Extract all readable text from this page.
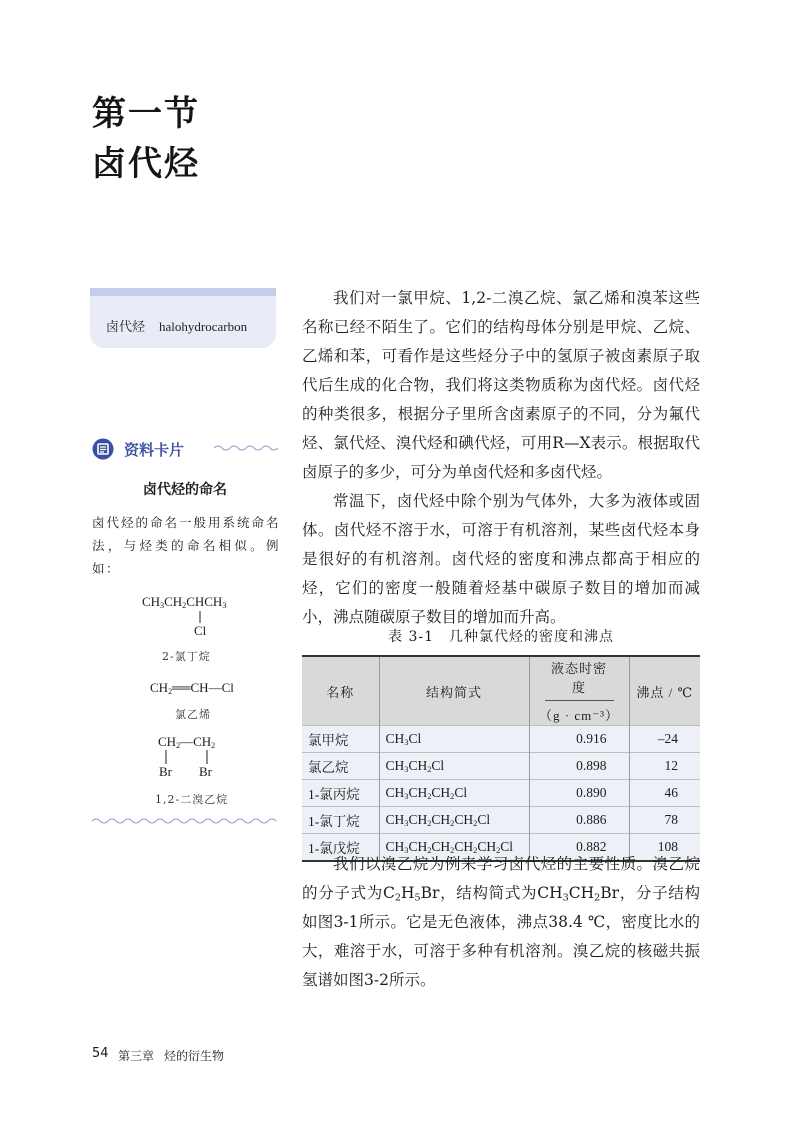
第一节
卤代烃
卤代烃 halohydrocarbon
资料卡片
卤代烃的命名
卤代烃的命名一般用系统命名法，与烃类的命名相似。例如：
$CH_3CH_2CHCH_3$
Cl
2-氯丁烷
$CH_2══CH—Cl$
氯乙烯
$CH_2—CH_2$
Br Br
1,2-二溴乙烷

我们对一氯甲烷、1,2-二溴乙烷、氯乙烯和溴苯这些名称已经不陌生了。它们的结构母体分别是甲烷、乙烷、乙烯和苯，可看作是这些烃分子中的氢原子被卤素原子取代后生成的化合物，我们将这类物质称为卤代烃。卤代烃的种类很多，根据分子里所含卤素原子的不同，分为氟代烃、氯代烃、溴代烃和碘代烃，可用R—X表示。根据取代卤原子的多少，可分为单卤代烃和多卤代烃。

常温下，卤代烃中除个别为气体外，大多为液体或固体。卤代烃不溶于水，可溶于有机溶剂，某些卤代烃本身是很好的有机溶剂。卤代烃的密度和沸点都高于相应的烃，它们的密度一般随着烃基中碳原子数目的增加而减小，沸点随碳原子数目的增加而升高。

表 3-1　几种氯代烃的密度和沸点
名称	结构简式	液态时密度
（g · cm⁻³）	沸点 / ℃
氯甲烷	$CH_3Cl$	0.916	–24
氯乙烷	$CH_3CH_2Cl$	0.898	12
1-氯丙烷	$CH_3CH_2CH_2Cl$	0.890	46
1-氯丁烷	$CH_3CH_2CH_2CH_2Cl$	0.886	78
1-氯戊烷	$CH_3CH_2CH_2CH_2CH_2Cl$	0.882	108

我们以溴乙烷为例来学习卤代烃的主要性质。溴乙烷的分子式为$C_2H_5Br$，结构简式为$CH_3CH_2Br$，分子结构如图3-1所示。它是无色液体，沸点38.4 ℃，密度比水的大，难溶于水，可溶于多种有机溶剂。溴乙烷的核磁共振氢谱如图3-2所示。

54 第三章 烃的衍生物
